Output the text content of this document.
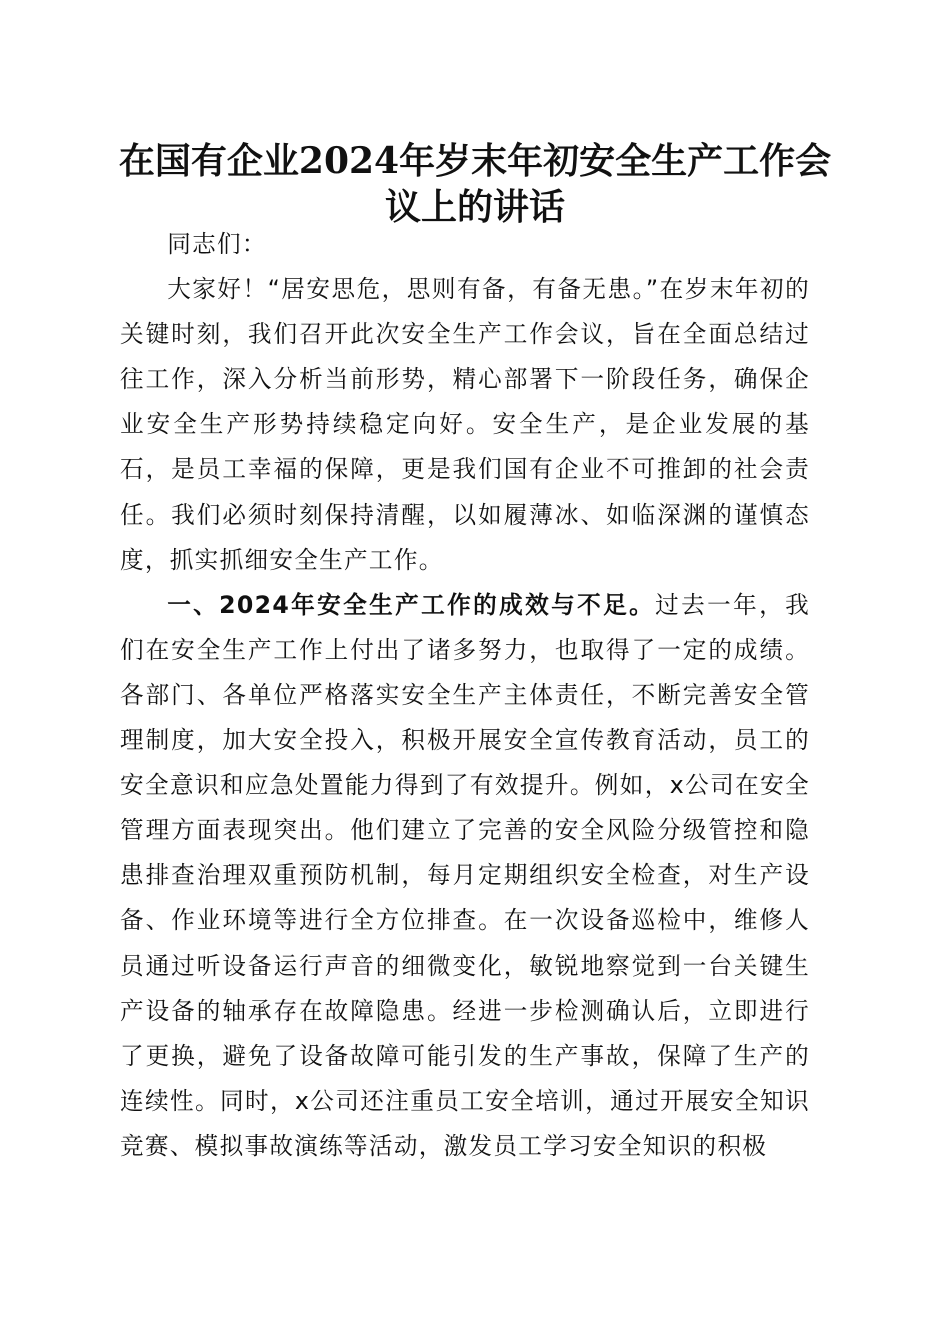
在国有企业2024年岁末年初安全生产工作会议上的讲话

同志们：

大家好！“居安思危，思则有备，有备无患。”在岁末年初的关键时刻，我们召开此次安全生产工作会议，旨在全面总结过往工作，深入分析当前形势，精心部署下一阶段任务，确保企业安全生产形势持续稳定向好。安全生产，是企业发展的基石，是员工幸福的保障，更是我们国有企业不可推卸的社会责任。我们必须时刻保持清醒，以如履薄冰、如临深渊的谨慎态度，抓实抓细安全生产工作。

一、2024年安全生产工作的成效与不足。过去一年，我们在安全生产工作上付出了诸多努力，也取得了一定的成绩。各部门、各单位严格落实安全生产主体责任，不断完善安全管理制度，加大安全投入，积极开展安全宣传教育活动，员工的安全意识和应急处置能力得到了有效提升。例如，x公司在安全管理方面表现突出。他们建立了完善的安全风险分级管控和隐患排查治理双重预防机制，每月定期组织安全检查，对生产设备、作业环境等进行全方位排查。在一次设备巡检中，维修人员通过听设备运行声音的细微变化，敏锐地察觉到一台关键生产设备的轴承存在故障隐患。经进一步检测确认后，立即进行了更换，避免了设备故障可能引发的生产事故，保障了生产的连续性。同时，x公司还注重员工安全培训，通过开展安全知识竞赛、模拟事故演练等活动，激发员工学习安全知识的积极
